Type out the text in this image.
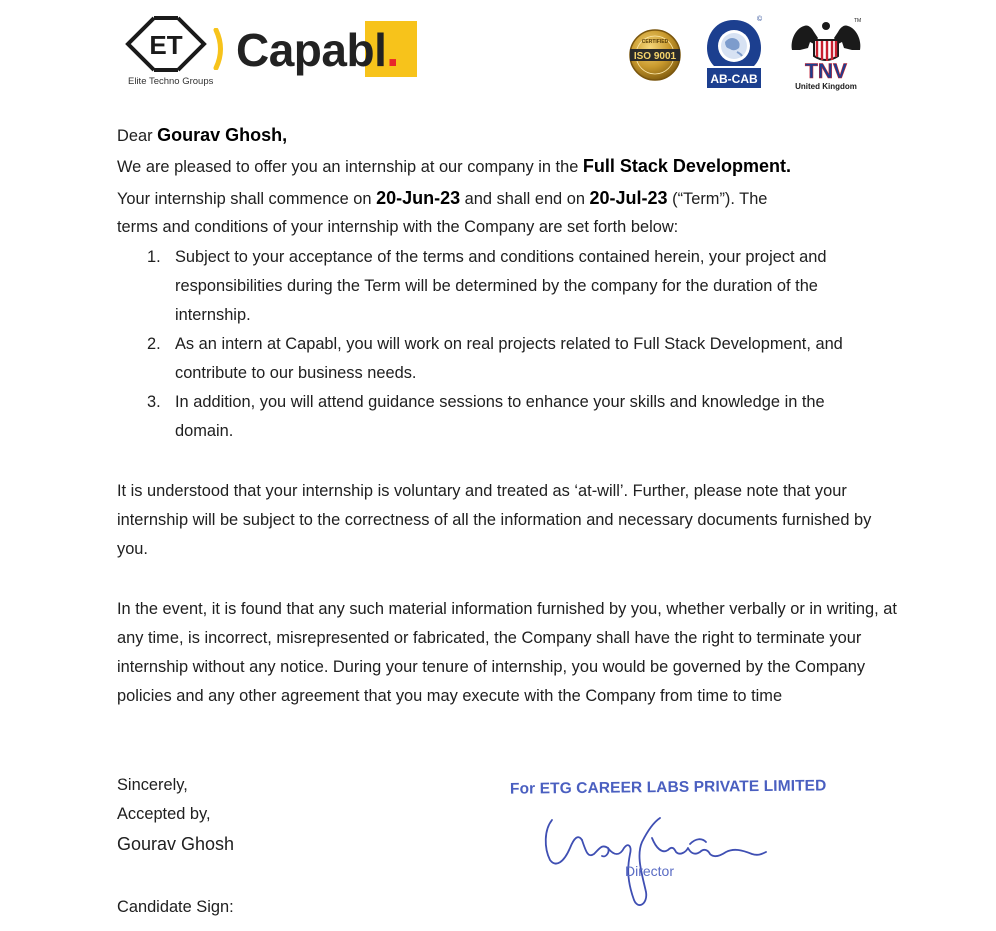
ET
Elite Techno Groups
Capabl.	ISO 9001
CERTIFIED
AB-CAB
©
TNV
United Kingdom
TM
Dear Gourav Ghosh,
We are pleased to offer you an internship at our company in the Full Stack Development.
Your internship shall commence on 20-Jun-23 and shall end on 20-Jul-23 (“Term”). The
terms and conditions of your internship with the Company are set forth below:
1. Subject to your acceptance of the terms and conditions contained herein, your project and responsibilities during the Term will be determined by the company for the duration of the internship.
2. As an intern at Capabl, you will work on real projects related to Full Stack Development, and contribute to our business needs.
3. In addition, you will attend guidance sessions to enhance your skills and knowledge in the domain.
It is understood that your internship is voluntary and treated as ‘at-will’. Further, please note that your internship will be subject to the correctness of all the information and necessary documents furnished by you.
In the event, it is found that any such material information furnished by you, whether verbally or in writing, at any time, is incorrect, misrepresented or fabricated, the Company shall have the right to terminate your internship without any notice. During your tenure of internship, you would be governed by the Company policies and any other agreement that you may execute with the Company from time to time
Sincerely,
Accepted by,
Gourav Ghosh
Candidate Sign:
For ETG CAREER LABS PRIVATE LIMITED
Director
